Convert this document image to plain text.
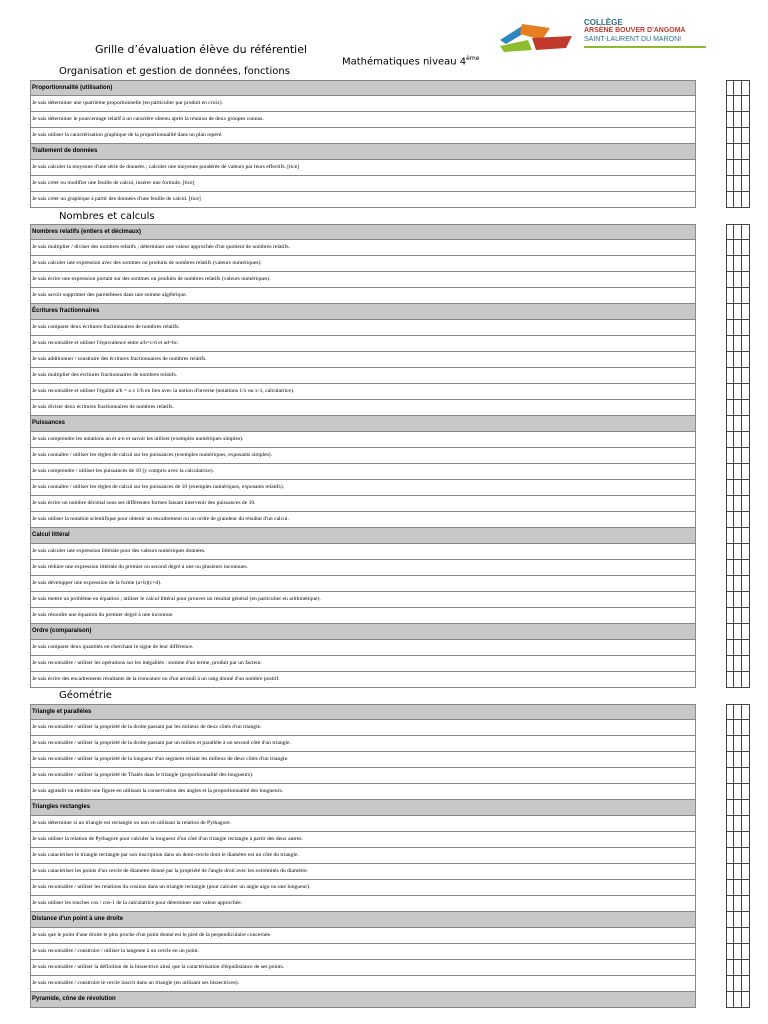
COLLÈGE
ARSÈNE BOUVER D'ANGOMA
SAINT-LAURENT DU MARONI
Grille d’évaluation élève du référentiel
Mathématiques niveau 4ème
Organisation et gestion de données, fonctions
Proportionnalité (utilisation)
Je sais déterminer une quatrième proportionnelle (en particulier par produit en croix).
Je sais déterminer le pourcentage relatif à un caractère obtenu après la réunion de deux groupes connus.
Je sais utiliser la caractérisation graphique de la proportionnalité dans un plan repéré.
Traitement de données
Je sais calculer la moyenne d'une série de données ; calculer une moyenne pondérée de valeurs par leurs effectifs. [tice]
Je sais créer ou modifier une feuille de calcul, insérer une formule. [tice]
Je sais créer un graphique à partir des données d'une feuille de calcul. [tice]
Nombres et calculs
Nombres relatifs (entiers et décimaux)
Je sais multiplier / diviser des nombres relatifs ; déterminer une valeur approchée d'un quotient de nombres relatifs.
Je sais calculer une expression avec des sommes ou produits de nombres relatifs (valeurs numériques).
Je sais écrire une expression portant sur des sommes ou produits de nombres relatifs (valeurs numériques).
Je sais savoir supprimer des parenthèses dans une somme algébrique.
Écritures fractionnaires
Je sais comparer deux écritures fractionnaires de nombres relatifs.
Je sais reconnaître et utiliser l'équivalence entre a/b=c/d et ad=bc.
Je sais additionner / soustraire des écritures fractionnaires de nombres relatifs.
Je sais multiplier des écritures fractionnaires de nombres relatifs.
Je sais reconnaître et utiliser l'égalité a/b = a x 1/b en lien avec la notion d'inverse (notations 1/x ou x-1, calculatrice).
Je sais diviser deux écritures fractionnaires de nombres relatifs.
Puissances
Je sais comprendre les notations an et a-n et savoir les utiliser (exemples numériques simples).
Je sais connaître / utiliser les règles de calcul sur les puissances (exemples numériques, exposants simples).
Je sais comprendre / utiliser les puissances de 10 (y compris avec la calculatrice).
Je sais connaître / utiliser les règles de calcul sur les puissances de 10 (exemples numériques, exposants relatifs).
Je sais écrire un nombre décimal sous ses différentes formes faisant intervenir des puissances de 10.
Je sais utiliser la notation scientifique pour obtenir un encadrement ou un ordre de grandeur du résultat d'un calcul.
Calcul littéral
Je sais calculer une expression littérale pour des valeurs numériques données.
Je sais réduire une expression littérale du premier ou second degré à une ou plusieurs inconnues.
Je sais développer une expression de la forme (a+b)(c+d).
Je sais mettre un problème en équation ; utiliser le calcul littéral pour prouver un résultat général (en particulier en arithmétique).
Je sais résoudre une équation du premier degré à une inconnue.
Ordre (comparaison)
Je sais comparer deux quantités en cherchant le signe de leur différence.
Je sais reconnaître / utiliser les opérations sur les inégalités : somme d'un terme, produit par un facteur.
Je sais écrire des encadrements résultants de la troncature ou d'un arrondi à un rang donné d'un nombre positif.
Géométrie
Triangle et parallèles
Je sais reconnaître / utiliser la propriété de la droite passant par les milieux de deux côtés d'un triangle.
Je sais reconnaître / utiliser la propriété de la droite passant par un milieu et parallèle à un second côté d'un triangle.
Je sais reconnaître / utiliser la propriété de la longueur d'un segment reliant les milieux de deux côtés d'un triangle.
Je sais reconnaître / utiliser la propriété de Thalès dans le triangle (proportionnalité des longueurs).
Je sais agrandir ou réduire une figure en utilisant la conservation des angles et la proportionnalité des longueurs.
Triangles rectangles
Je sais déterminer si un triangle est rectangle ou non en utilisant la relation de Pythagore.
Je sais utiliser la relation de Pythagore pour calculer la longueur d'un côté d'un triangle rectangle à partir des deux autres.
Je sais caractériser le triangle rectangle par son inscription dans un demi-cercle dont le diamètre est un côté du triangle.
Je sais caractériser les points d'un cercle de diamètre donné par la propriété de l'angle droit avec les extrémités du diamètre.
Je sais reconnaître / utiliser les relations du cosinus dans un triangle rectangle (pour calculer un angle aigu ou une longueur).
Je sais utiliser les touches cos / cos-1 de la calculatrice pour déterminer une valeur approchée.
Distance d'un point à une droite
Je sais que le point d'une droite le plus proche d'un point donné est le pied de la perpendiculaire concernée.
Je sais reconnaître / construire / utiliser la tangente à un cercle en un point.
Je sais reconnaître / utiliser la définition de la bissectrice ainsi que la caractérisation d'équidistance de ses points.
Je sais reconnaître / construire le cercle inscrit dans un triangle (en utilisant ses bissectrices).
Pyramide, cône de révolution
